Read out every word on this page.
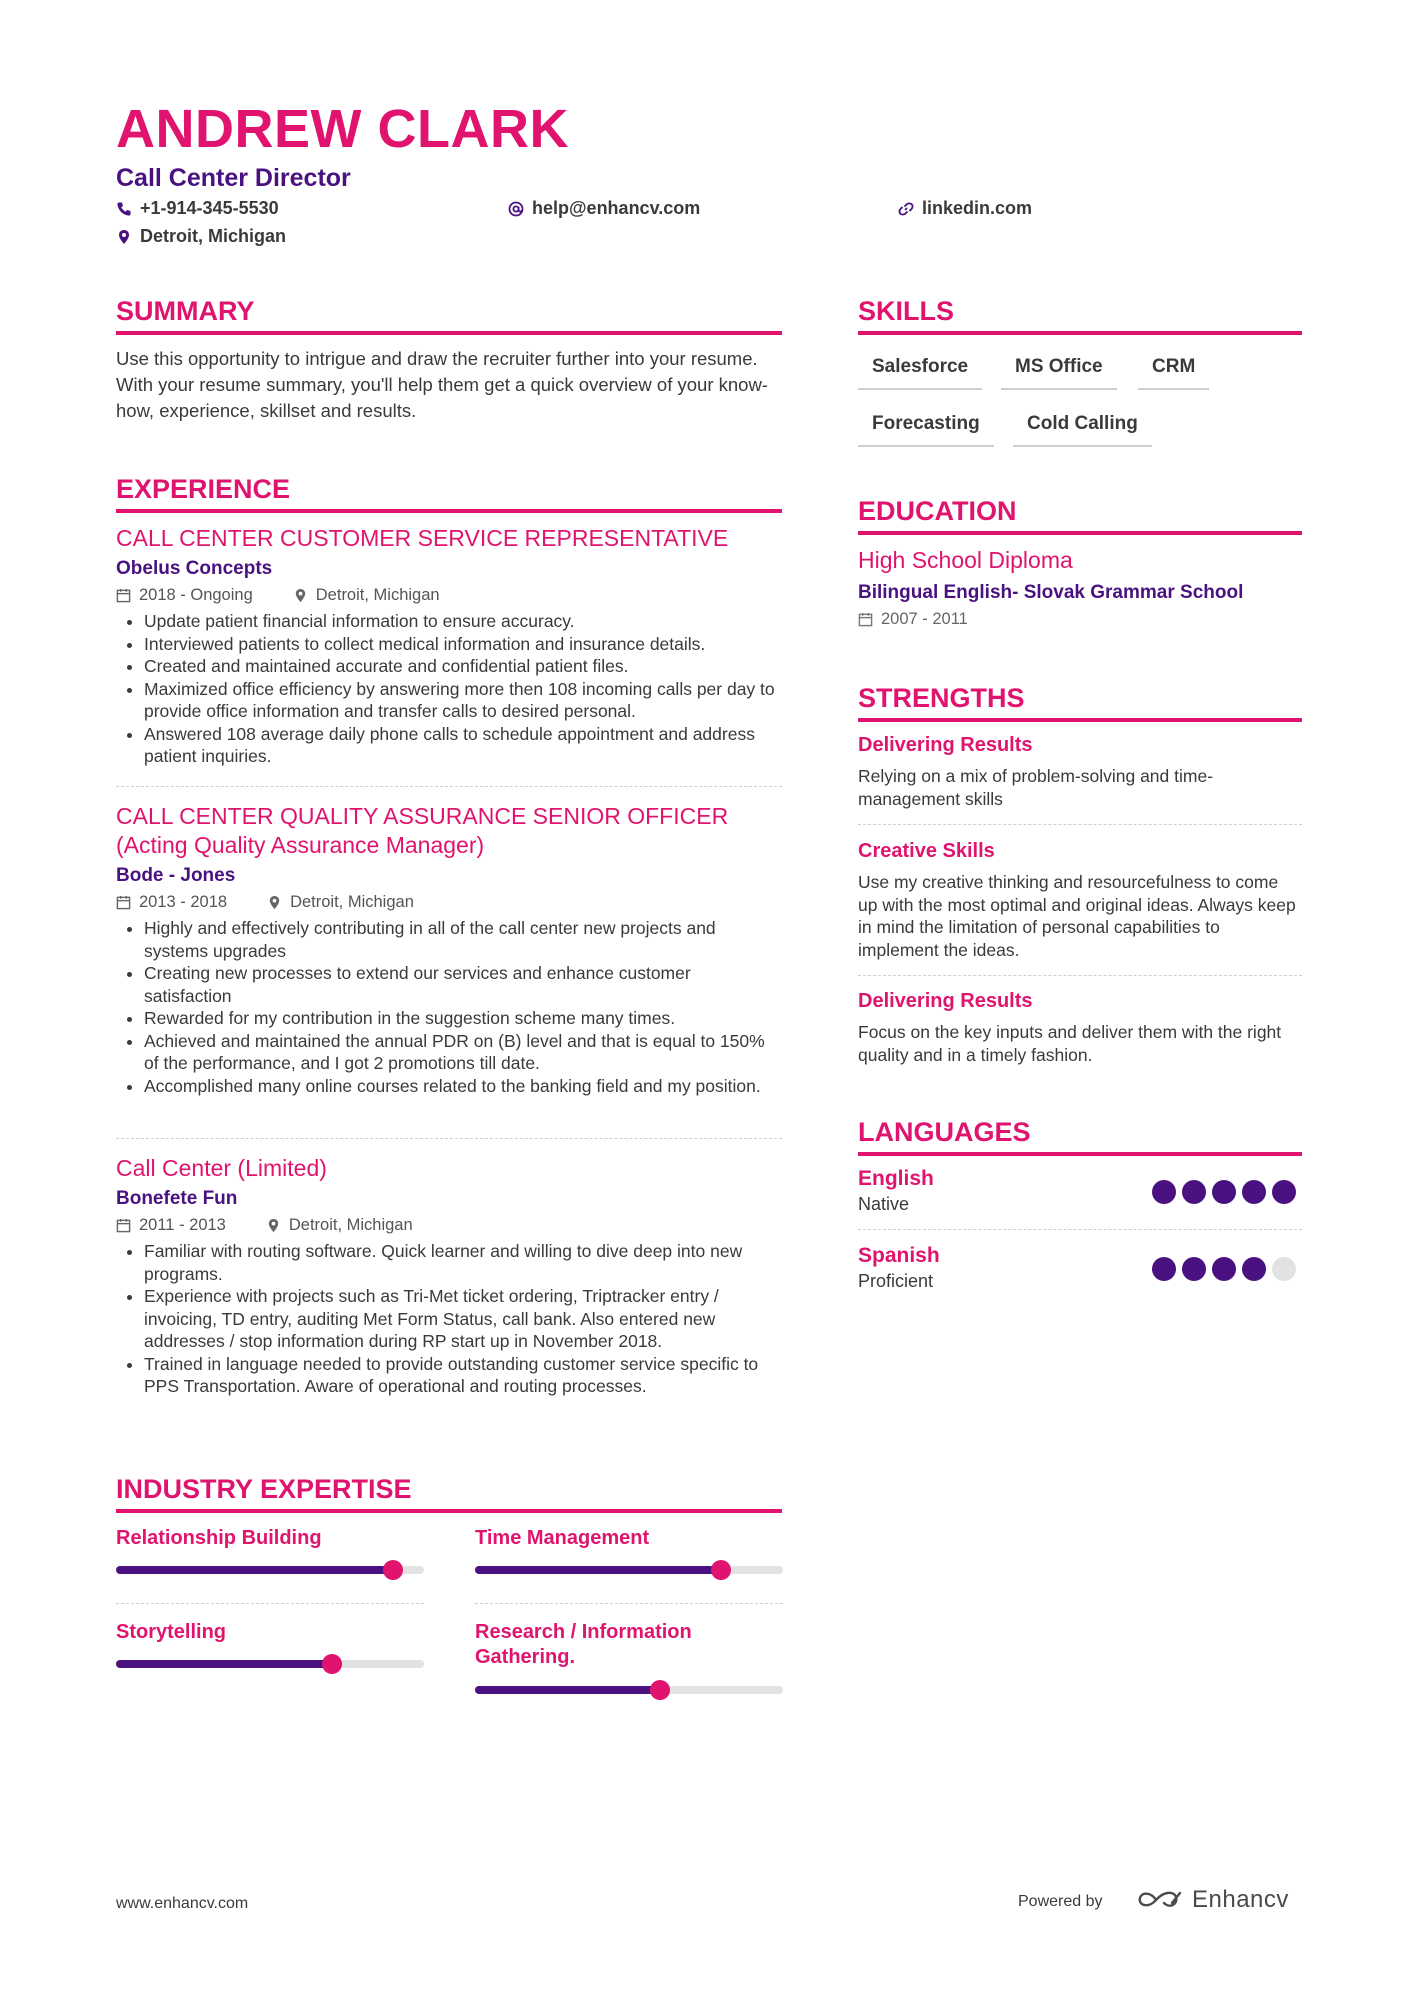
ANDREW CLARK
Call Center Director
+1-914-345-5530	help@enhancv.com	linkedin.com
Detroit, Michigan
SUMMARY
Use this opportunity to intrigue and draw the recruiter further into your resume. With your resume summary, you'll help them get a quick overview of your know-how, experience, skillset and results.
EXPERIENCE
CALL CENTER CUSTOMER SERVICE REPRESENTATIVE
Obelus Concepts
2018 - Ongoing	Detroit, Michigan
• Update patient financial information to ensure accuracy.
• Interviewed patients to collect medical information and insurance details.
• Created and maintained accurate and confidential patient files.
• Maximized office efficiency by answering more then 108 incoming calls per day to provide office information and transfer calls to desired personal.
• Answered 108 average daily phone calls to schedule appointment and address patient inquiries.
CALL CENTER QUALITY ASSURANCE SENIOR OFFICER (Acting Quality Assurance Manager)
Bode - Jones
2013 - 2018	Detroit, Michigan
• Highly and effectively contributing in all of the call center new projects and systems upgrades
• Creating new processes to extend our services and enhance customer satisfaction
• Rewarded for my contribution in the suggestion scheme many times.
• Achieved and maintained the annual PDR on (B) level and that is equal to 150% of the performance, and I got 2 promotions till date.
• Accomplished many online courses related to the banking field and my position.
Call Center (Limited)
Bonefete Fun
2011 - 2013	Detroit, Michigan
• Familiar with routing software. Quick learner and willing to dive deep into new programs.
• Experience with projects such as Tri-Met ticket ordering, Triptracker entry / invoicing, TD entry, auditing Met Form Status, call bank. Also entered new addresses / stop information during RP start up in November 2018.
• Trained in language needed to provide outstanding customer service specific to PPS Transportation. Aware of operational and routing processes.
INDUSTRY EXPERTISE
Relationship Building	Time Management
Storytelling	Research / Information Gathering.
SKILLS
Salesforce	MS Office	CRM
Forecasting	Cold Calling
EDUCATION
High School Diploma
Bilingual English- Slovak Grammar School
2007 - 2011
STRENGTHS
Delivering Results
Relying on a mix of problem-solving and time-management skills
Creative Skills
Use my creative thinking and resourcefulness to come up with the most optimal and original ideas. Always keep in mind the limitation of personal capabilities to implement the ideas.
Delivering Results
Focus on the key inputs and deliver them with the right quality and in a timely fashion.
LANGUAGES
English
Native
Spanish
Proficient
www.enhancv.com	Powered by	Enhancv
